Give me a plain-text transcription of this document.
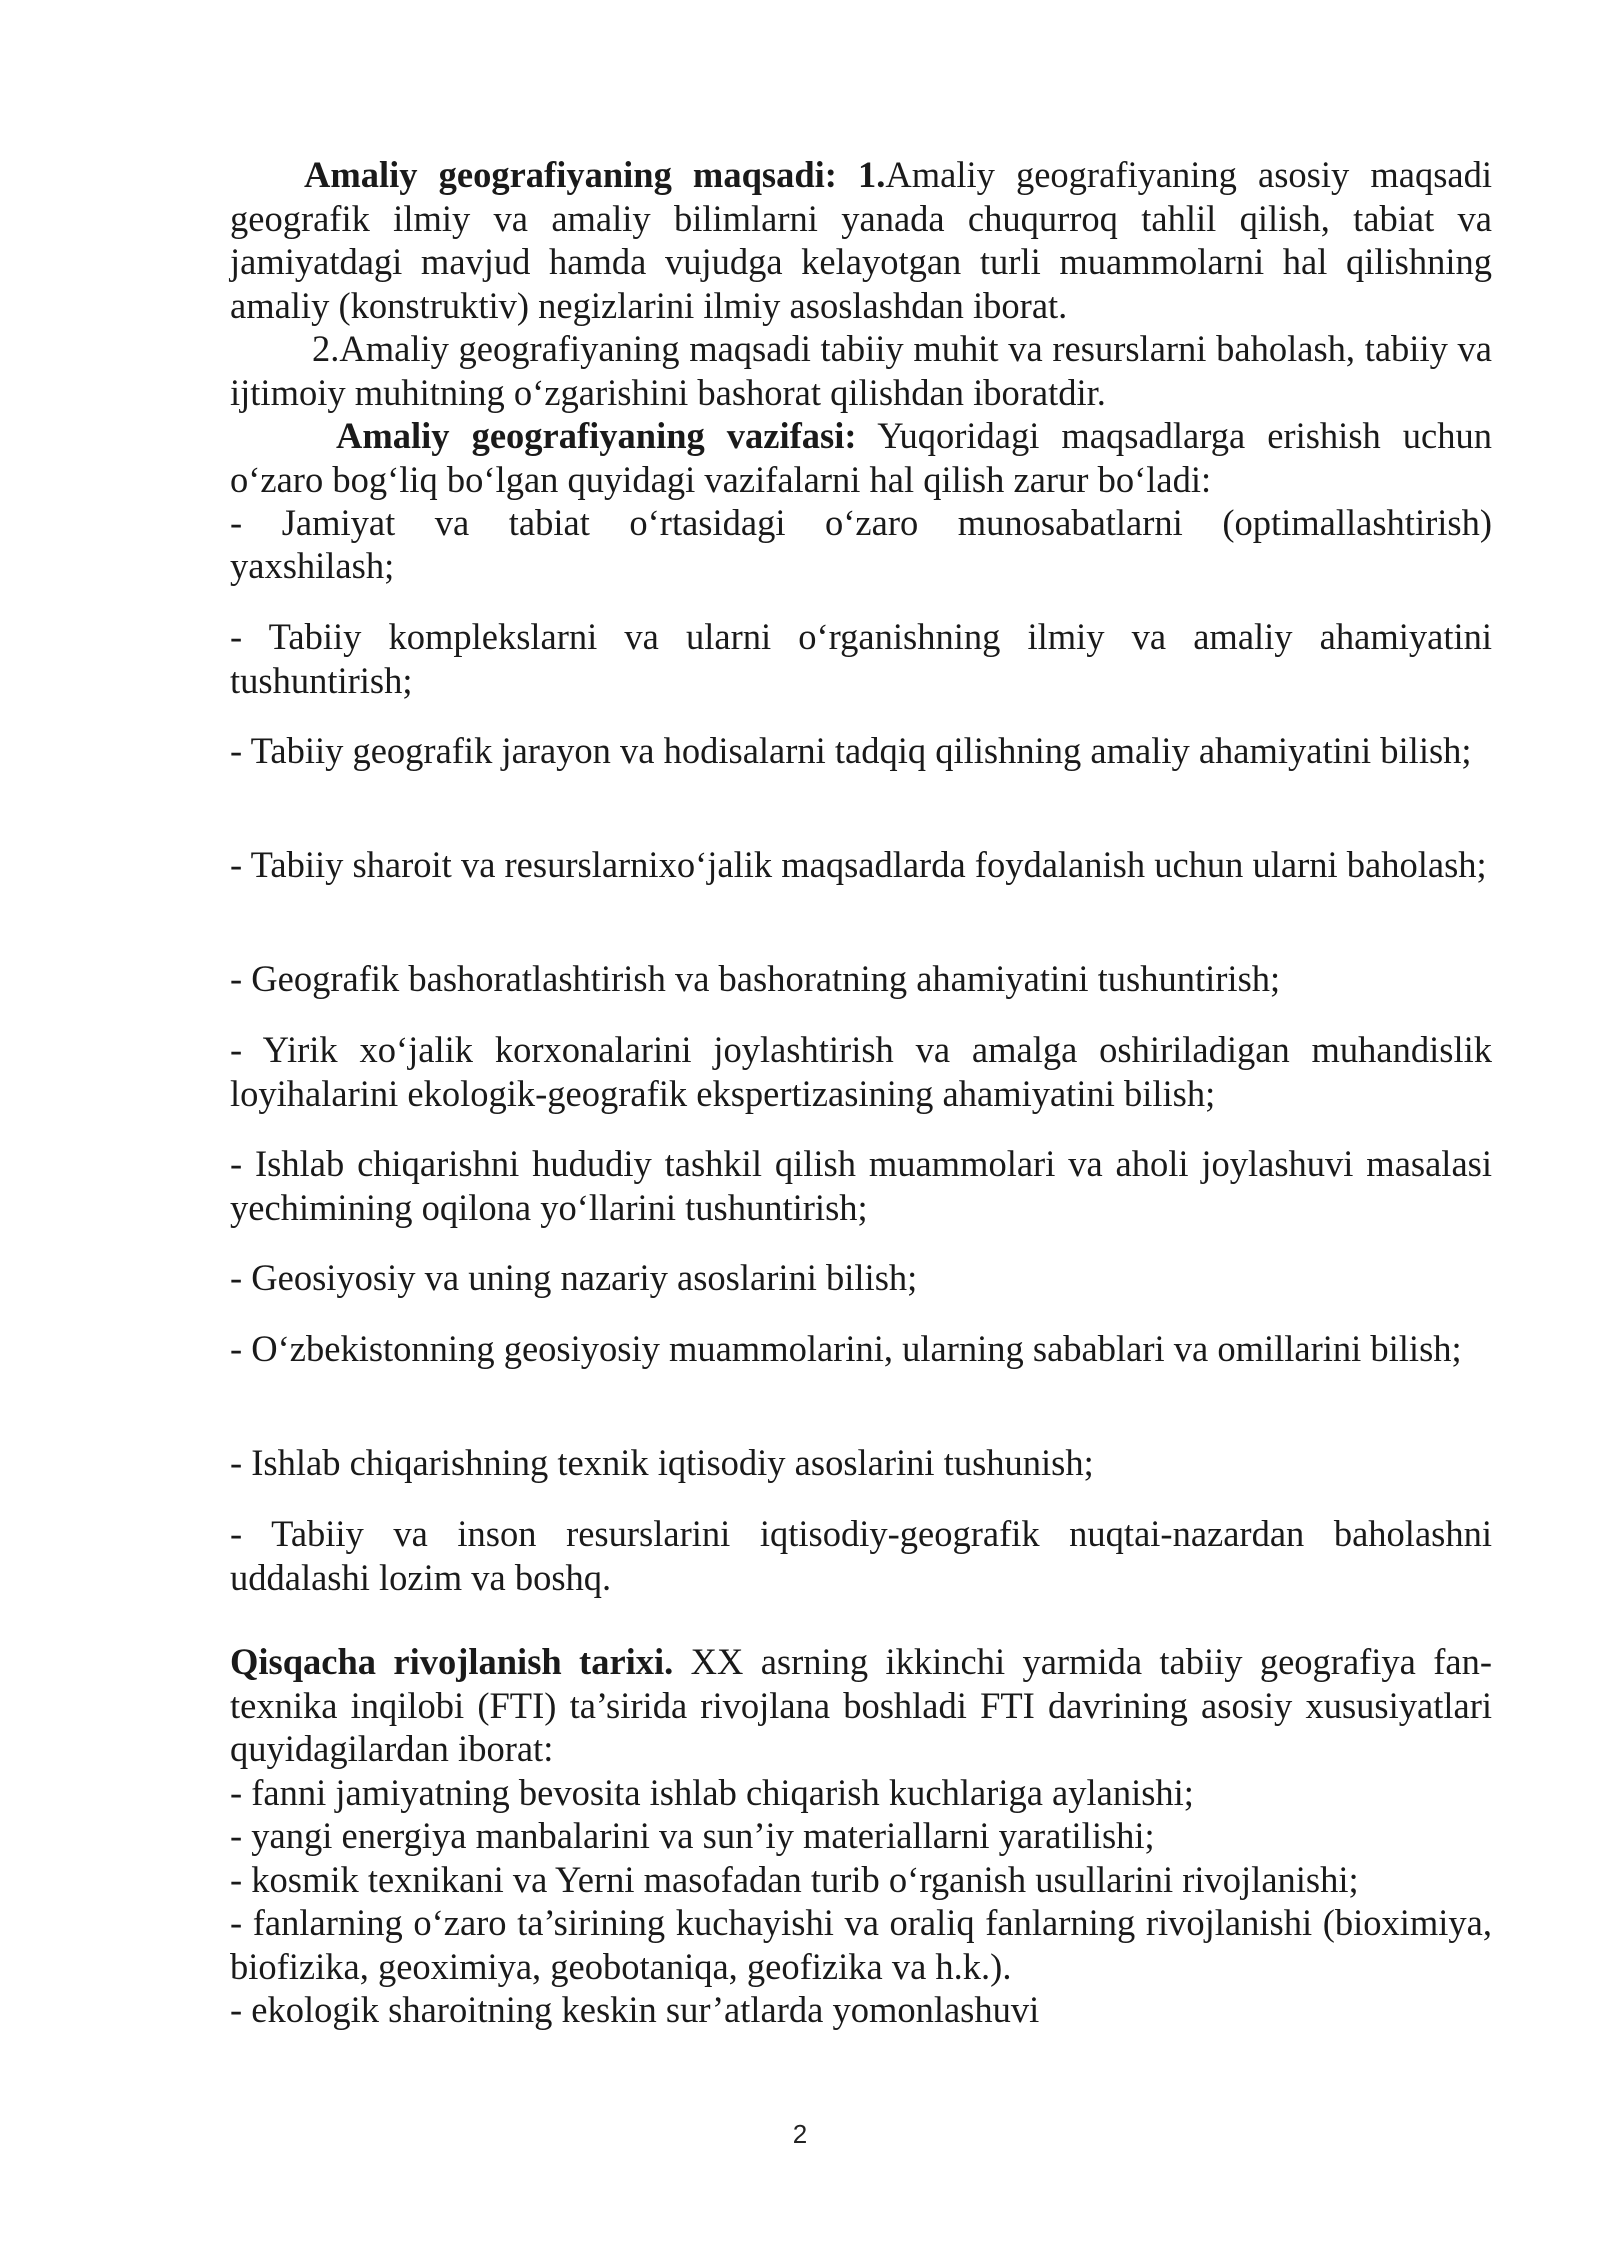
Amaliy geografiyaning maqsadi: 1.Amaliy geografiyaning asosiy maqsadi geografik ilmiy va amaliy bilimlarni yanada chuqurroq tahlil qilish, tabiat va jamiyatdagi mavjud hamda vujudga kelayotgan turli muammolarni hal qilishning amaliy (konstruktiv) negizlarini ilmiy asoslashdan iborat.

2.Amaliy geografiyaning maqsadi tabiiy muhit va resurslarni baholash, tabiiy va ijtimoiy muhitning o‘zgarishini bashorat qilishdan iboratdir.

Amaliy geografiyaning vazifasi: Yuqoridagi maqsadlarga erishish uchun o‘zaro bog‘liq bo‘lgan quyidagi vazifalarni hal qilish zarur bo‘ladi:

- Jamiyat va tabiat o‘rtasidagi o‘zaro munosabatlarni (optimallashtirish)

yaxshilash;

- Tabiiy komplekslarni va ularni o‘rganishning ilmiy va amaliy ahamiyatini tushuntirish;

- Tabiiy geografik jarayon va hodisalarni tadqiq qilishning amaliy ahamiyatini bilish;

- Tabiiy sharoit va resurslarnixo‘jalik maqsadlarda foydalanish uchun ularni baholash;

- Geografik bashoratlashtirish va bashoratning ahamiyatini tushuntirish;

- Yirik xo‘jalik korxonalarini joylashtirish va amalga oshiriladigan muhandislik loyihalarini ekologik-geografik ekspertizasining ahamiyatini bilish;

- Ishlab chiqarishni hududiy tashkil qilish muammolari va aholi joylashuvi masalasi yechimining oqilona yo‘llarini tushuntirish;

- Geosiyosiy va uning nazariy asoslarini bilish;

- O‘zbekistonning geosiyosiy muammolarini, ularning sabablari va omillarini bilish;

- Ishlab chiqarishning texnik iqtisodiy asoslarini tushunish;

- Tabiiy va inson resurslarini iqtisodiy-geografik nuqtai-nazardan baholashni uddalashi lozim va boshq.

Qisqacha rivojlanish tarixi. XX asrning ikkinchi yarmida tabiiy geografiya fan-texnika inqilobi (FTI) ta’sirida rivojlana boshladi FTI davrining asosiy xususiyatlari quyidagilardan iborat:

- fanni jamiyatning bevosita ishlab chiqarish kuchlariga aylanishi;

- yangi energiya manbalarini va sun’iy materiallarni yaratilishi;

- kosmik texnikani va Yerni masofadan turib o‘rganish usullarini rivojlanishi;

- fanlarning o‘zaro ta’sirining kuchayishi va oraliq fanlarning rivojlanishi (bioximiya, biofizika, geoximiya, geobotaniqa, geofizika va h.k.).

- ekologik sharoitning keskin sur’atlarda yomonlashuvi

2
